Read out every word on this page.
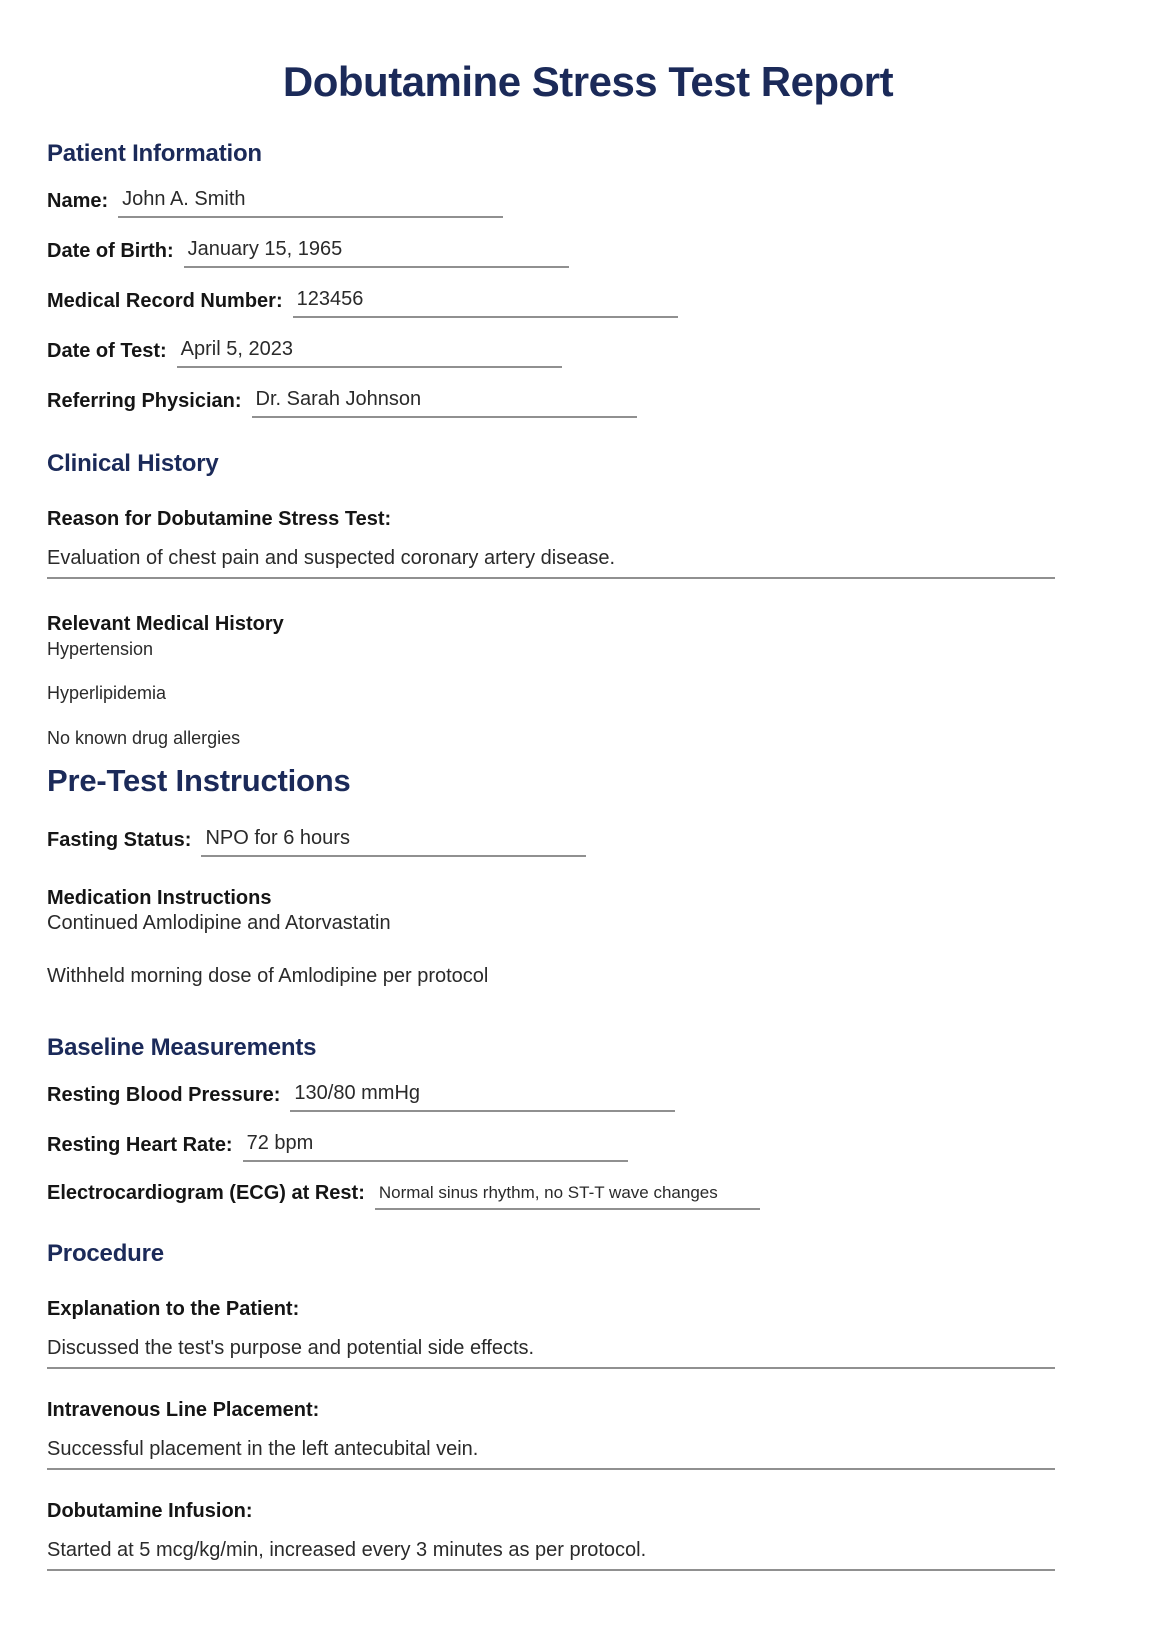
Dobutamine Stress Test Report
Patient Information
Name: John A. Smith
Date of Birth: January 15, 1965
Medical Record Number: 123456
Date of Test: April 5, 2023
Referring Physician: Dr. Sarah Johnson
Clinical History
Reason for Dobutamine Stress Test:
Evaluation of chest pain and suspected coronary artery disease.
Relevant Medical History
Hypertension
Hyperlipidemia
No known drug allergies
Pre-Test Instructions
Fasting Status: NPO for 6 hours
Medication Instructions
Continued Amlodipine and Atorvastatin
Withheld morning dose of Amlodipine per protocol
Baseline Measurements
Resting Blood Pressure: 130/80 mmHg
Resting Heart Rate: 72 bpm
Electrocardiogram (ECG) at Rest: Normal sinus rhythm, no ST-T wave changes
Procedure
Explanation to the Patient:
Discussed the test's purpose and potential side effects.
Intravenous Line Placement:
Successful placement in the left antecubital vein.
Dobutamine Infusion:
Started at 5 mcg/kg/min, increased every 3 minutes as per protocol.
